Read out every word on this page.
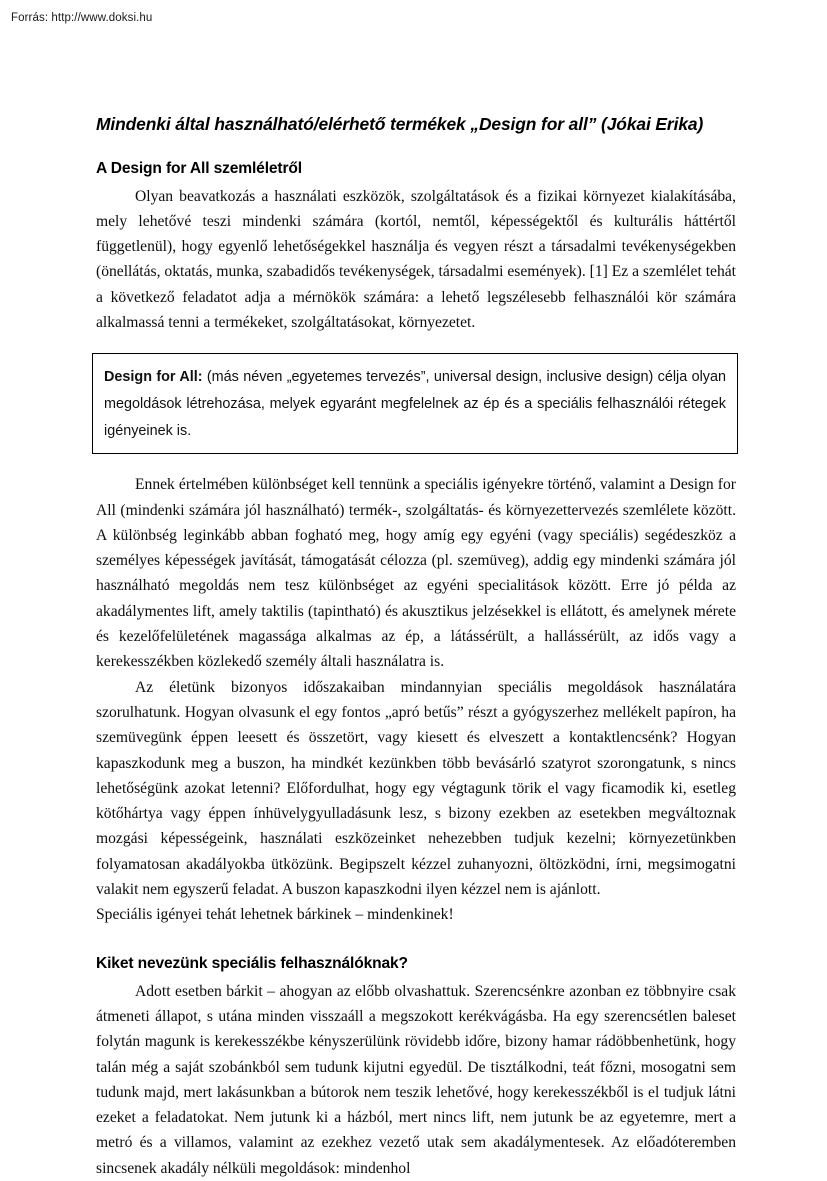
Forrás: http://www.doksi.hu
Mindenki által használható/elérhető termékek „Design for all” (Jókai Erika)
A Design for All szemléletről

Olyan beavatkozás a használati eszközök, szolgáltatások és a fizikai környezet kialakításába, mely lehetővé teszi mindenki számára (kortól, nemtől, képességektől és kulturális háttértől függetlenül), hogy egyenlő lehetőségekkel használja és vegyen részt a társadalmi tevékenységekben (önellátás, oktatás, munka, szabadidős tevékenységek, társadalmi események). [1] Ez a szemlélet tehát a következő feladatot adja a mérnökök számára: a lehető legszélesebb felhasználói kör számára alkalmassá tenni a termékeket, szolgáltatásokat, környezetet.

Design for All: (más néven „egyetemes tervezés”, universal design, inclusive design) célja olyan megoldások létrehozása, melyek egyaránt megfelelnek az ép és a speciális felhasználói rétegek igényeinek is.

Ennek értelmében különbséget kell tennünk a speciális igényekre történő, valamint a Design for All (mindenki számára jól használható) termék-, szolgáltatás- és környezettervezés szemlélete között. A különbség leginkább abban fogható meg, hogy amíg egy egyéni (vagy speciális) segédeszköz a személyes képességek javítását, támogatását célozza (pl. szemüveg), addig egy mindenki számára jól használható megoldás nem tesz különbséget az egyéni specialitások között. Erre jó példa az akadálymentes lift, amely taktilis (tapintható) és akusztikus jelzésekkel is ellátott, és amelynek mérete és kezelőfelületének magassága alkalmas az ép, a látássérült, a hallássérült, az idős vagy a kerekesszékben közlekedő személy általi használatra is.

Az életünk bizonyos időszakaiban mindannyian speciális megoldások használatára szorulhatunk. Hogyan olvasunk el egy fontos „apró betűs” részt a gyógyszerhez mellékelt papíron, ha szemüvegünk éppen leesett és összetört, vagy kiesett és elveszett a kontaktlencsénk? Hogyan kapaszkodunk meg a buszon, ha mindkét kezünkben több bevásárló szatyrot szorongatunk, s nincs lehetőségünk azokat letenni? Előfordulhat, hogy egy végtagunk törik el vagy ficamodik ki, esetleg kötőhártya vagy éppen ínhüvelygyulladásunk lesz, s bizony ezekben az esetekben megváltoznak mozgási képességeink, használati eszközeinket nehezebben tudjuk kezelni; környezetünkben folyamatosan akadályokba ütközünk. Begipszelt kézzel zuhanyozni, öltözködni, írni, megsimogatni valakit nem egyszerű feladat. A buszon kapaszkodni ilyen kézzel nem is ajánlott.

Speciális igényei tehát lehetnek bárkinek – mindenkinek!

Kiket nevezünk speciális felhasználóknak?

Adott esetben bárkit – ahogyan az előbb olvashattuk. Szerencsénkre azonban ez többnyire csak átmeneti állapot, s utána minden visszaáll a megszokott kerékvágásba. Ha egy szerencsétlen baleset folytán magunk is kerekesszékbe kényszerülünk rövidebb időre, bizony hamar rádöbbenhetünk, hogy talán még a saját szobánkból sem tudunk kijutni egyedül. De tisztálkodni, teát főzni, mosogatni sem tudunk majd, mert lakásunkban a bútorok nem teszik lehetővé, hogy kerekesszékből is el tudjuk látni ezeket a feladatokat. Nem jutunk ki a házból, mert nincs lift, nem jutunk be az egyetemre, mert a metró és a villamos, valamint az ezekhez vezető utak sem akadálymentesek. Az előadóteremben sincsenek akadály nélküli megoldások: mindenhol
